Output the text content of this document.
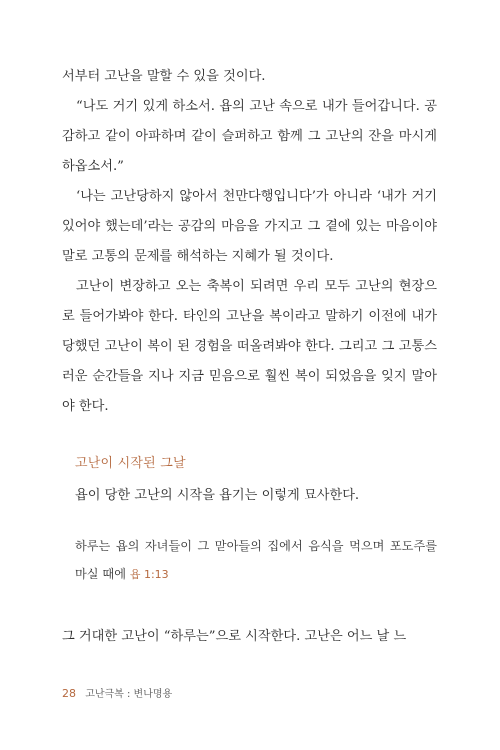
서부터 고난을 말할 수 있을 것이다.

“나도 거기 있게 하소서. 욥의 고난 속으로 내가 들어갑니다. 공감하고 같이 아파하며 같이 슬퍼하고 함께 그 고난의 잔을 마시게 하옵소서.”

‘나는 고난당하지 않아서 천만다행입니다’가 아니라 ‘내가 거기 있어야 했는데’라는 공감의 마음을 가지고 그 곁에 있는 마음이야 말로 고통의 문제를 해석하는 지혜가 될 것이다.

고난이 변장하고 오는 축복이 되려면 우리 모두 고난의 현장으로 들어가봐야 한다. 타인의 고난을 복이라고 말하기 이전에 내가 당했던 고난이 복이 된 경험을 떠올려봐야 한다. 그리고 그 고통스러운 순간들을 지나 지금 믿음으로 훨씬 복이 되었음을 잊지 말아야 한다.

고난이 시작된 그날
욥이 당한 고난의 시작을 욥기는 이렇게 묘사한다.
하루는 욥의 자녀들이 그 맏아들의 집에서 음식을 먹으며 포도주를 마실 때에 욥 1:13
그 거대한 고난이 “하루는”으로 시작한다. 고난은 어느 날 느
28 고난극복 : 변나명용
